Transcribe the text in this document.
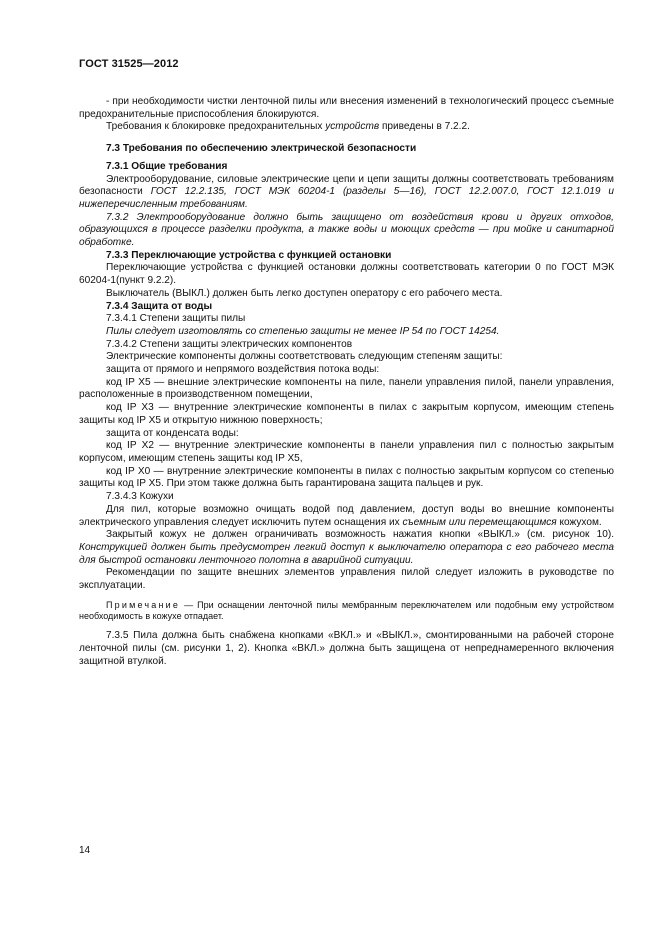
ГОСТ 31525—2012

- при необходимости чистки ленточной пилы или внесения изменений в технологический процесс съемные предохранительные приспособления блокируются.

Требования к блокировке предохранительных устройств приведены в 7.2.2.

7.3 Требования по обеспечению электрической безопасности

7.3.1 Общие требования

Электрооборудование, силовые электрические цепи и цепи защиты должны соответствовать требованиям безопасности ГОСТ 12.2.135, ГОСТ МЭК 60204-1 (разделы 5—16), ГОСТ 12.2.007.0, ГОСТ 12.1.019 и нижеперечисленным требованиям.

7.3.2 Электрооборудование должно быть защищено от воздействия крови и других отходов, образующихся в процессе разделки продукта, а также воды и моющих средств — при мойке и санитарной обработке.

7.3.3 Переключающие устройства с функцией остановки

Переключающие устройства с функцией остановки должны соответствовать категории 0 по ГОСТ МЭК 60204-1(пункт 9.2.2).

Выключатель (ВЫКЛ.) должен быть легко доступен оператору с его рабочего места.

7.3.4 Защита от воды

7.3.4.1 Степени защиты пилы

Пилы следует изготовлять со степенью защиты не менее IP 54 по ГОСТ 14254.

7.3.4.2 Степени защиты электрических компонентов

Электрические компоненты должны соответствовать следующим степеням защиты:

защита от прямого и непрямого воздействия потока воды:

код IP X5 — внешние электрические компоненты на пиле, панели управления пилой, панели управления, расположенные в производственном помещении,

код IP X3 — внутренние электрические компоненты в пилах с закрытым корпусом, имеющим степень защиты код IP X5 и открытую нижнюю поверхность;

защита от конденсата воды:

код IP X2 — внутренние электрические компоненты в панели управления пил с полностью закрытым корпусом, имеющим степень защиты код IP X5,

код IP X0 — внутренние электрические компоненты в пилах с полностью закрытым корпусом со степенью защиты код IP X5. При этом также должна быть гарантирована защита пальцев и рук.

7.3.4.3 Кожухи

Для пил, которые возможно очищать водой под давлением, доступ воды во внешние компоненты электрического управления следует исключить путем оснащения их съемным или перемещающимся кожухом.

Закрытый кожух не должен ограничивать возможность нажатия кнопки «ВЫКЛ.» (см. рисунок 10). Конструкцией должен быть предусмотрен легкий доступ к выключателю оператора с его рабочего места для быстрой остановки ленточного полотна в аварийной ситуации.

Рекомендации по защите внешних элементов управления пилой следует изложить в руководстве по эксплуатации.

Примечание — При оснащении ленточной пилы мембранным переключателем или подобным ему устройством необходимость в кожухе отпадает.

7.3.5 Пила должна быть снабжена кнопками «ВКЛ.» и «ВЫКЛ.», смонтированными на рабочей стороне ленточной пилы (см. рисунки 1, 2). Кнопка «ВКЛ.» должна быть защищена от непреднамеренного включения защитной втулкой.

14
